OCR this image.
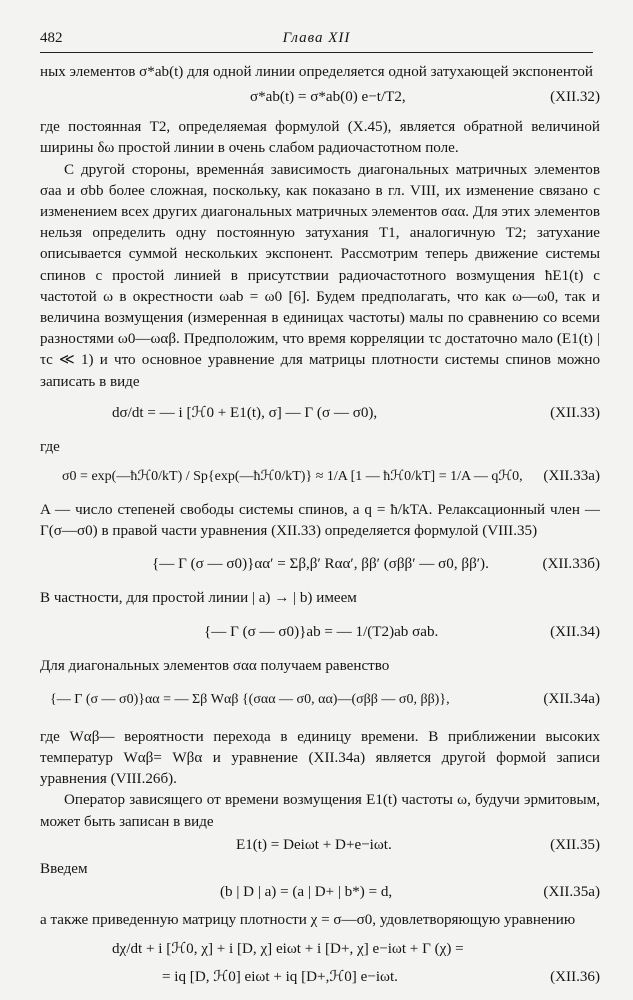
482	Глава XII

ных элементов σ*ab(t) для одной линии определяется одной затухающей экспонентой

σ*ab(t) = σ*ab(0) e−t/T2,	(XII.32)

где постоянная T2, определяемая формулой (X.45), является обратной величиной ширины δω простой линии в очень слабом радиочастотном поле.

С другой стороны, временнáя зависимость диагональных матричных элементов σaa и σbb более сложная, поскольку, как показано в гл. VIII, их изменение связано с изменением всех других диагональных матричных элементов σαα. Для этих элементов нельзя определить одну постоянную затухания T1, аналогичную T2; затухание описывается суммой нескольких экспонент. Рассмотрим теперь движение системы спинов с простой линией в присутствии радиочастотного возмущения ħE1(t) с частотой ω в окрестности ωab = ω0 [6]. Будем предполагать, что как ω—ω0, так и величина возмущения (измеренная в единицах частоты) малы по сравнению со всеми разностями ω0—ωαβ. Предположим, что время корреляции τc достаточно мало (E1(t) | τc ≪ 1) и что основное уравнение для матрицы плотности системы спинов можно записать в виде

dσ/dt = — i [ℋ0 + E1(t), σ] — Γ (σ — σ0),	(XII.33)

где

σ0 = exp(—ħℋ0/kT) / Sp{exp(—ħℋ0/kT)} ≈ 1/A [1 — ħℋ0/kT] = 1/A — qℋ0, (XII.33a)

A — число степеней свободы системы спинов, а q = ħ/kTA. Релаксационный член — Γ(σ—σ0) в правой части уравнения (XII.33) определяется формулой (VIII.35)

{— Γ (σ — σ0)}αα′ = Σβ,β′ Rαα′, ββ′ (σββ′ — σ0, ββ′).	(XII.33б)

В частности, для простой линии | a) → | b) имеем

{— Γ (σ — σ0)}ab = — 1/(T2)ab σab.	(XII.34)

Для диагональных элементов σαα получаем равенство

{— Γ (σ — σ0)}αα = — Σβ Wαβ {(σαα — σ0, αα)—(σββ — σ0, ββ)},	(XII.34a)

где Wαβ— вероятности перехода в единицу времени. В приближении высоких температур Wαβ= Wβα и уравнение (XII.34a) является другой формой записи уравнения (VIII.26б).

Оператор зависящего от времени возмущения E1(t) частоты ω, будучи эрмитовым, может быть записан в виде

E1(t) = Deiωt + D+e−iωt.	(XII.35)

Введем

(b | D | a) = (a | D+ | b*) = d,	(XII.35a)

а также приведенную матрицу плотности χ = σ—σ0, удовлетворяющую уравнению

dχ/dt + i [ℋ0, χ] + i [D, χ] eiωt + i [D+, χ] e−iωt + Γ (χ) =
= iq [D, ℋ0] eiωt + iq [D+,ℋ0] e−iωt.	(XII.36)
